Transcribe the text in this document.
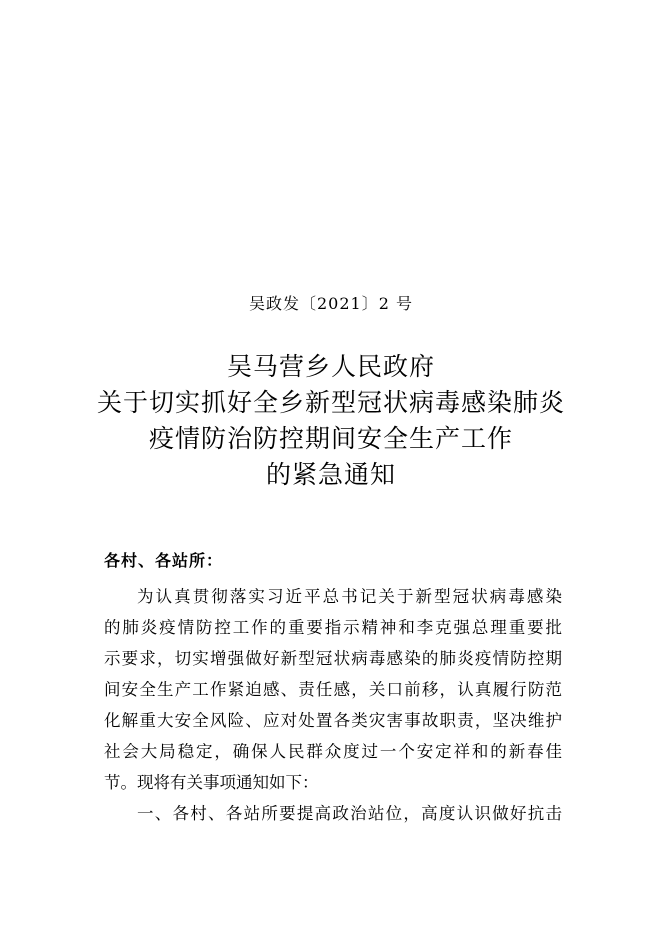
吴政发〔2021〕2 号
吴马营乡人民政府
关于切实抓好全乡新型冠状病毒感染肺炎
疫情防治防控期间安全生产工作
的紧急通知
各村、各站所：
为认真贯彻落实习近平总书记关于新型冠状病毒感染
的肺炎疫情防控工作的重要指示精神和李克强总理重要批
示要求，切实增强做好新型冠状病毒感染的肺炎疫情防控期
间安全生产工作紧迫感、责任感，关口前移，认真履行防范
化解重大安全风险、应对处置各类灾害事故职责，坚决维护
社会大局稳定，确保人民群众度过一个安定祥和的新春佳
节。现将有关事项通知如下：
一、各村、各站所要提高政治站位，高度认识做好抗击
